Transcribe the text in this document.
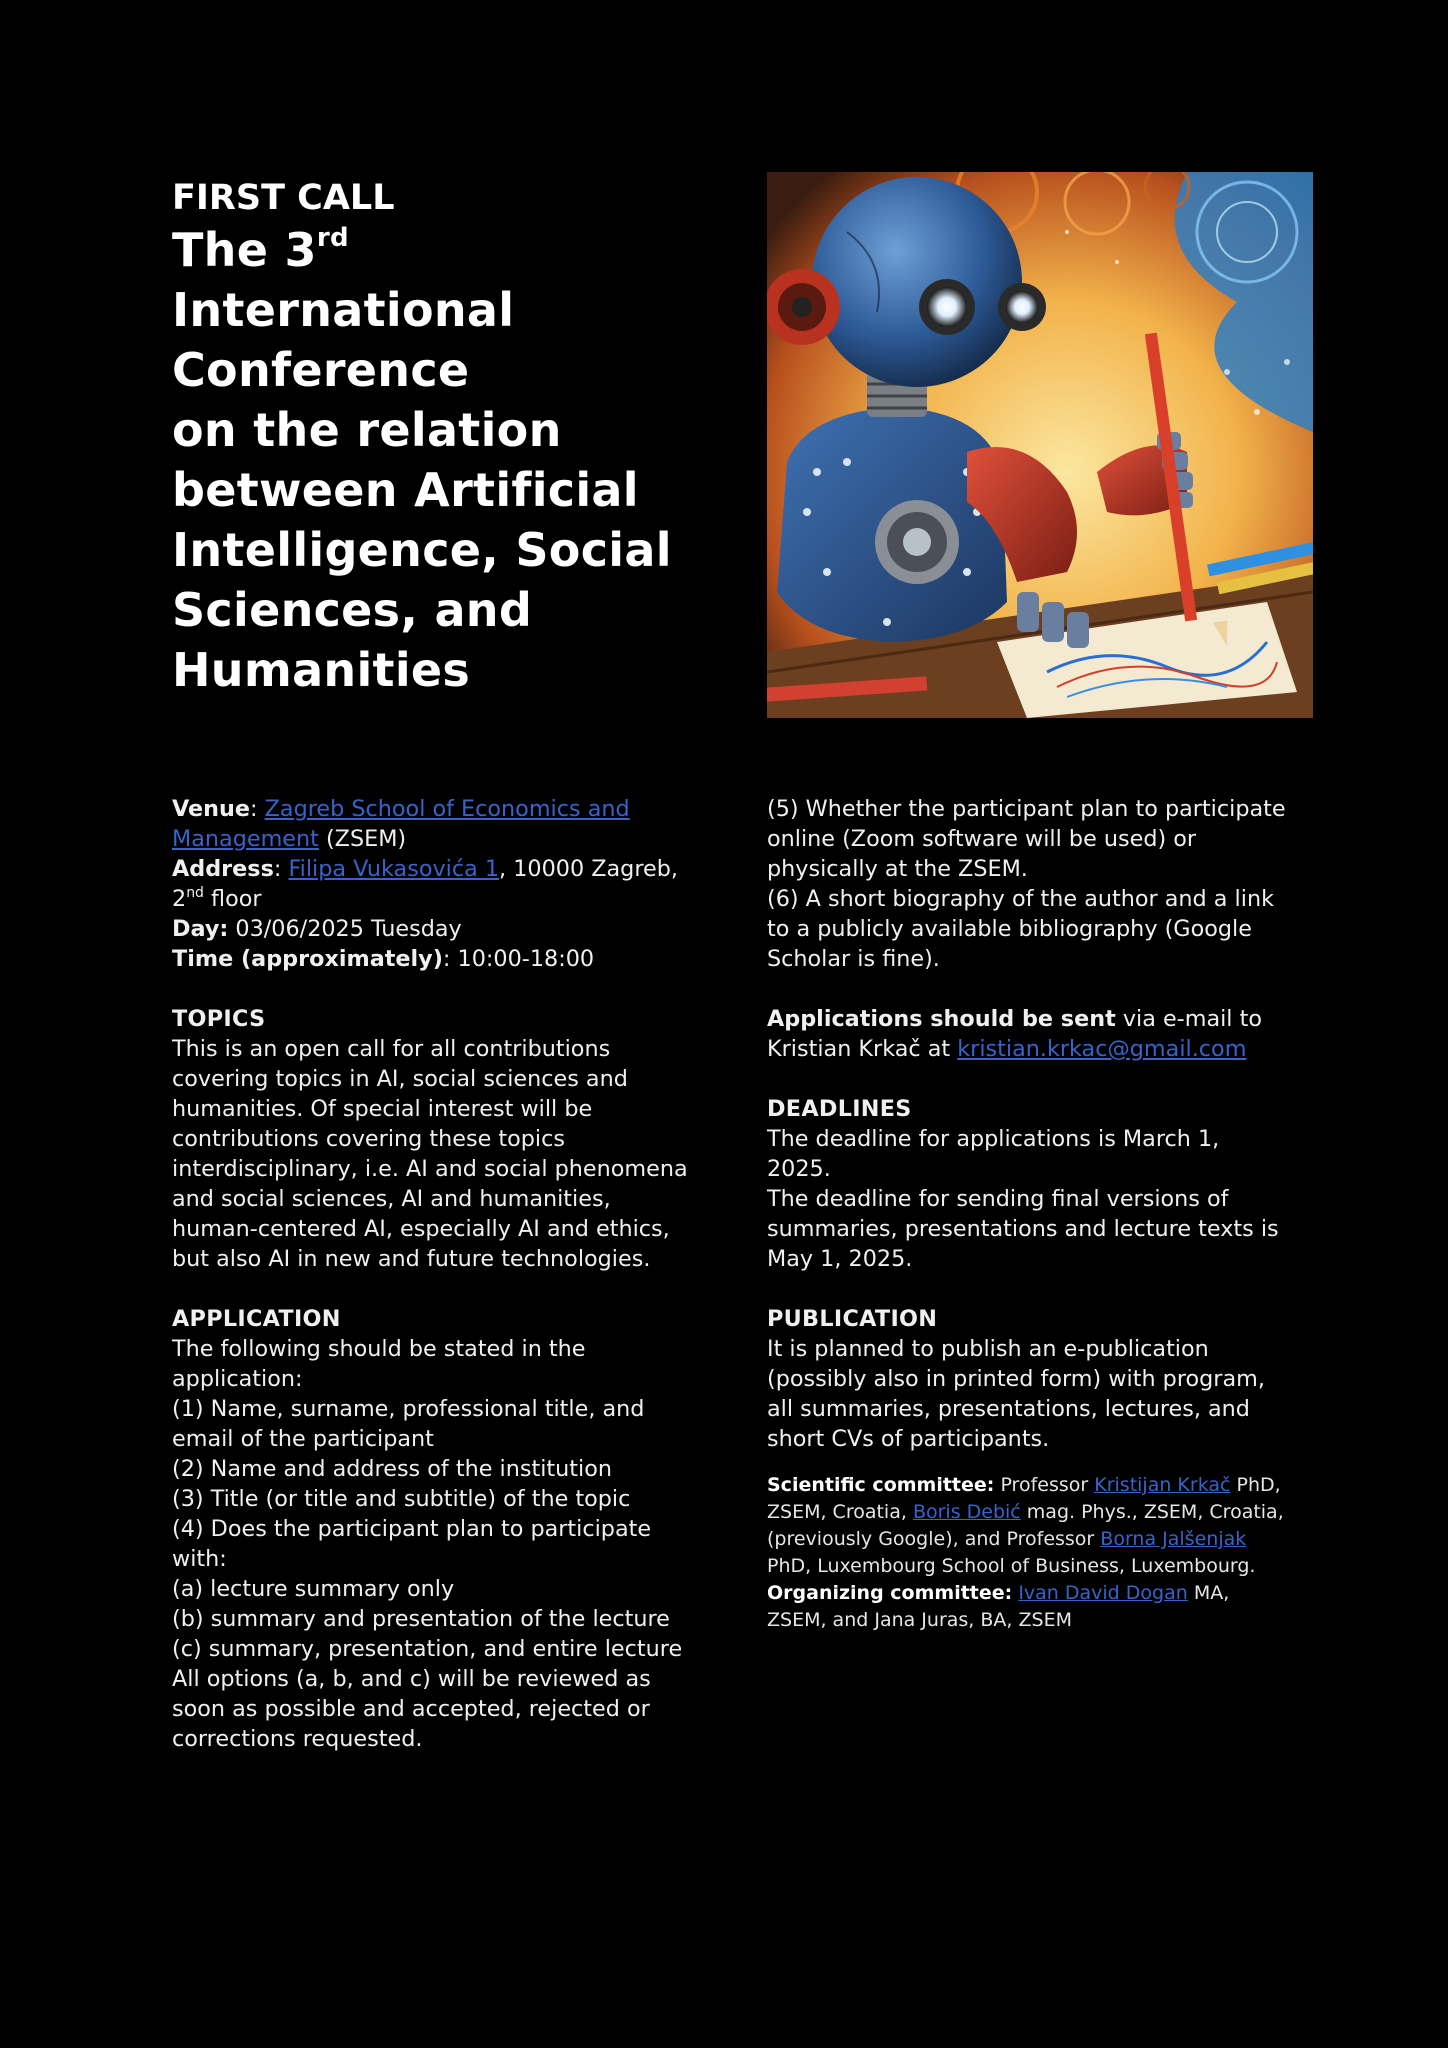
FIRST CALL
The 3rd
International
Conference
on the relation
between Artificial
Intelligence, Social
Sciences, and
Humanities

Venue: Zagreb School of Economics and Management (ZSEM)

Address: Filipa Vukasovića 1, 10000 Zagreb, 2nd floor

Day: 03/06/2025 Tuesday

Time (approximately): 10:00-18:00

TOPICS

This is an open call for all contributions covering topics in AI, social sciences and humanities. Of special interest will be contributions covering these topics interdisciplinary, i.e. AI and social phenomena and social sciences, AI and humanities, human-centered AI, especially AI and ethics, but also AI in new and future technologies.

APPLICATION

The following should be stated in the application:

(1) Name, surname, professional title, and email of the participant

(2) Name and address of the institution

(3) Title (or title and subtitle) of the topic

(4) Does the participant plan to participate with:

(a) lecture summary only

(b) summary and presentation of the lecture

(c) summary, presentation, and entire lecture

All options (a, b, and c) will be reviewed as soon as possible and accepted, rejected or corrections requested.

(5) Whether the participant plan to participate online (Zoom software will be used) or physically at the ZSEM.

(6) A short biography of the author and a link to a publicly available bibliography (Google Scholar is fine).

Applications should be sent via e-mail to Kristian Krkač at kristian.krkac@gmail.com

DEADLINES

The deadline for applications is March 1, 2025.

The deadline for sending final versions of summaries, presentations and lecture texts is May 1, 2025.

PUBLICATION

It is planned to publish an e-publication (possibly also in printed form) with program, all summaries, presentations, lectures, and short CVs of participants.

Scientific committee: Professor Kristijan Krkač PhD, ZSEM, Croatia, Boris Debić mag. Phys., ZSEM, Croatia, (previously Google), and Professor Borna Jalšenjak PhD, Luxembourg School of Business, Luxembourg.

Organizing committee: Ivan David Dogan MA, ZSEM, and Jana Juras, BA, ZSEM
